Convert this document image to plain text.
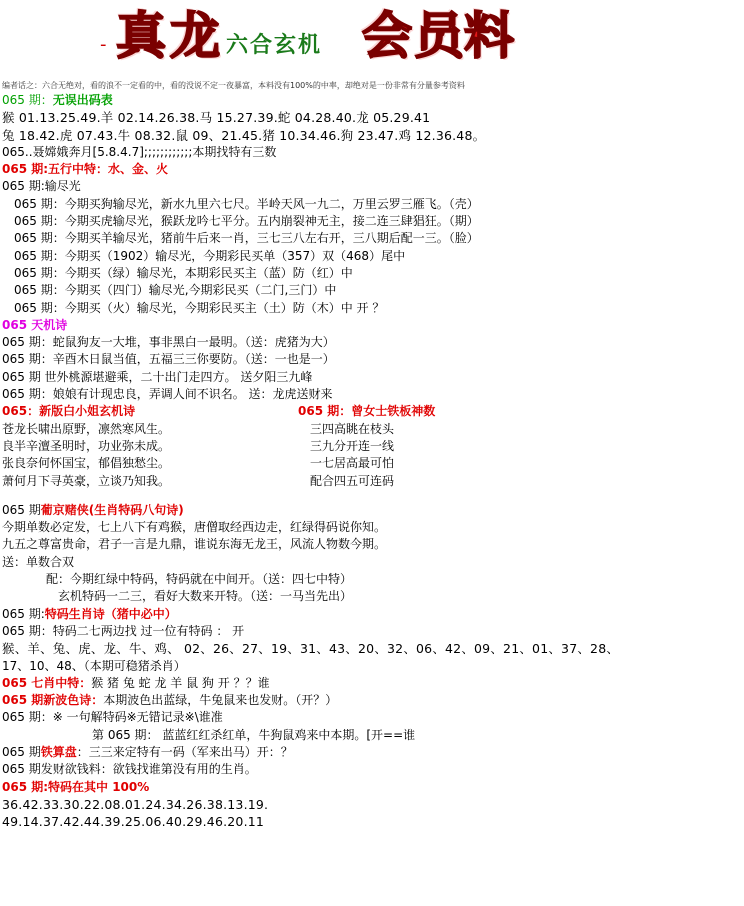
- 真 龙 六合玄机 会 员 料
编者话之：六合无绝对，看的浪不一定看的中，看的没说不定一夜暴富，本料没有100%的中率，却绝对是一份非常有分量参考资料
065 期：无误出码表
猴 01.13.25.49.羊 02.14.26.38.马 15.27.39.蛇 04.28.40.龙 05.29.41
兔 18.42.虎 07.43.牛 08.32.鼠 09、21.45.猪 10.34.46.狗 23.47.鸡 12.36.48。
065..聂嫦娥奔月[5.8.4.7];;;;;;;;;;;;本期找特有三数
065 期:五行中特：水、金、火
065 期:输尽光
065 期：今期买狗输尽光，新水九里六七尺。半岭天风一九二，万里云罗三雁飞。（壳）
065 期：今期买虎输尽光，猴跃龙吟七平分。五内崩裂神无主，接二连三肆猖狂。（期）
065 期：今期买羊输尽光，猪前牛后来一肖，三七三八左右开，三八期后配一三。（脸）
065 期：今期买（1902）输尽光，今期彩民买单（357）双（468）尾中
065 期：今期买（绿）输尽光，本期彩民买主（蓝）防（红）中
065 期：今期买（四门）输尽光,今期彩民买（二门,三门）中
065 期：今期买（火）输尽光，今期彩民买主（土）防（木）中 开 ？
065 天机诗
065 期：蛇鼠狗友一大堆，事非黑白一最明。（送：虎猪为大）
065 期：辛酉木日鼠当值，五福三三你要防。（送：一也是一）
065 期 世外桃源堪避乘，二十出门走四方。 送夕阳三九峰
065 期：娘娘有计现忠良，弄调人间不识名。 送：龙虎送财来
065：新版白小姐玄机诗	065 期：曾女士铁板神数
苍龙长啸出原野，凛然寒风生。	三四高眺在枝头
良半辛澶圣明时，功业弥未成。	三九分开连一线
张良奈何怀国宝，郁倡独愁尘。	一七居高最可怕
萧何月下寻英豪，立谈乃知我。	配合四五可连码
065 期葡京赌侠(生肖特码八句诗)
今期单数必定发，七上八下有鸡猴，唐僧取经西边走，红绿得码说你知。
九五之尊富贵命，君子一言是九鼎，谁说东海无龙王，风流人物数今期。
送：单数合双
配：今期红绿中特码，特码就在中间开。（送：四七中特）
玄机特码一二三，看好大数来开特。（送：一马当先出）
065 期:特码生肖诗（猪中必中）
065 期：特码二七两边找 过一位有特码 ： 开
猴、羊、兔、虎、龙、牛、鸡、 02、26、27、19、31、43、20、32、06、42、09、21、01、37、28、
17、10、48、（本期可稳猪杀肖）
065 七肖中特：猴 猪 兔 蛇 龙 羊 鼠 狗 开 ？？谁
065 期新波色诗：本期波色出蓝绿，牛兔鼠来也发财。（开？）
065 期：※ 一句解特码※无错记录※\谁准
第 065 期： 蓝蓝红红杀红单，牛狗鼠鸡来中本期。[开==谁
065 期铁算盘：三三来定特有一码（军来出马）开：？
065 期发财欲钱料：欲钱找谁第没有用的生肖。
065 期:特码在其中 100%
36.42.33.30.22.08.01.24.34.26.38.13.19.
49.14.37.42.44.39.25.06.40.29.46.20.11
